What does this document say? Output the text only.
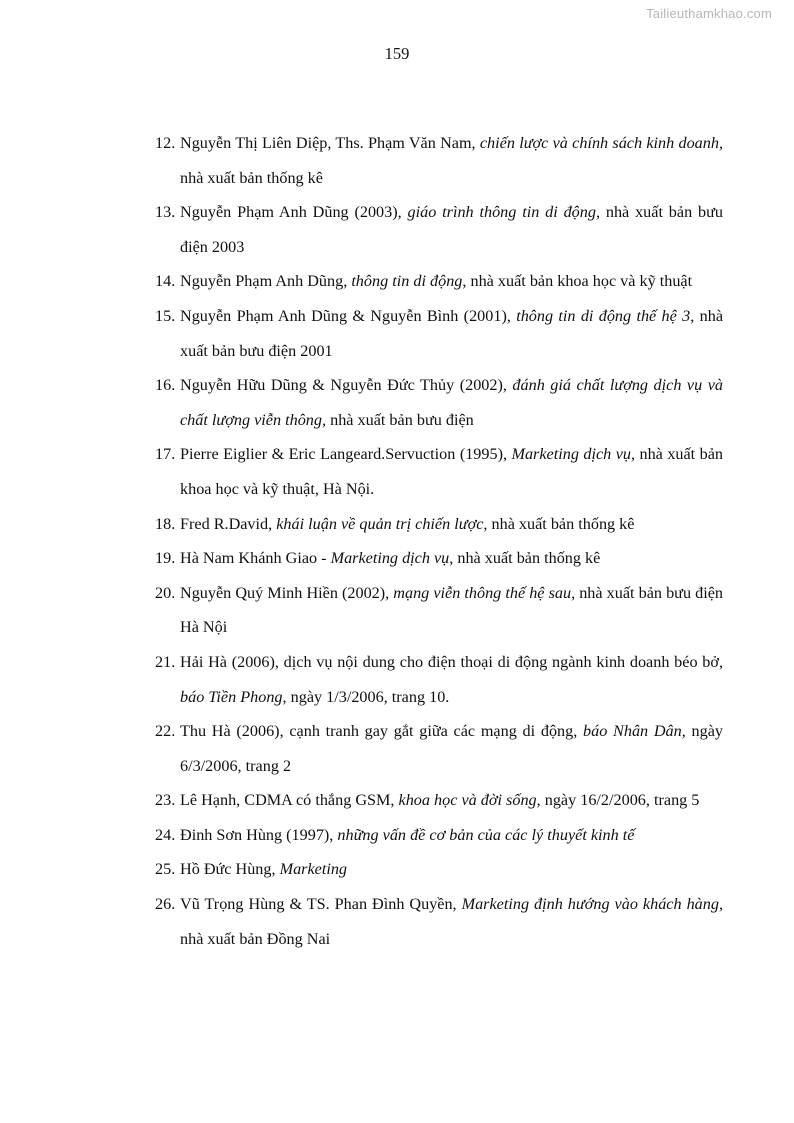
Tailieuthamkhao.com
159
12. Nguyễn Thị Liên Diệp, Ths. Phạm Văn Nam, chiến lược và chính sách kinh doanh, nhà xuất bản thống kê
13. Nguyễn Phạm Anh Dũng (2003), giáo trình thông tin di động, nhà xuất bản bưu điện 2003
14. Nguyễn Phạm Anh Dũng, thông tin di động, nhà xuất bản khoa học và kỹ thuật
15. Nguyễn Phạm Anh Dũng & Nguyễn Bình (2001), thông tin di động thế hệ 3, nhà xuất bản bưu điện 2001
16. Nguyễn Hữu Dũng & Nguyễn Đức Thủy (2002), đánh giá chất lượng dịch vụ và chất lượng viễn thông, nhà xuất bản bưu điện
17. Pierre Eiglier & Eric Langeard.Servuction (1995), Marketing dịch vụ, nhà xuất bản khoa học và kỹ thuật, Hà Nội.
18. Fred R.David, khái luận về quản trị chiến lược, nhà xuất bản thống kê
19. Hà Nam Khánh Giao - Marketing dịch vụ, nhà xuất bản thống kê
20. Nguyễn Quý Minh Hiền (2002), mạng viễn thông thế hệ sau, nhà xuất bản bưu điện Hà Nội
21. Hải Hà (2006), dịch vụ nội dung cho điện thoại di động ngành kinh doanh béo bở, báo Tiền Phong, ngày 1/3/2006, trang 10.
22. Thu Hà (2006), cạnh tranh gay gắt giữa các mạng di động, báo Nhân Dân, ngày 6/3/2006, trang 2
23. Lê Hạnh, CDMA có thắng GSM, khoa học và đời sống, ngày 16/2/2006, trang 5
24. Đinh Sơn Hùng (1997), những vấn đề cơ bản của các lý thuyết kinh tế
25. Hồ Đức Hùng, Marketing
26. Vũ Trọng Hùng & TS. Phan Đình Quyền, Marketing định hướng vào khách hàng, nhà xuất bản Đồng Nai
